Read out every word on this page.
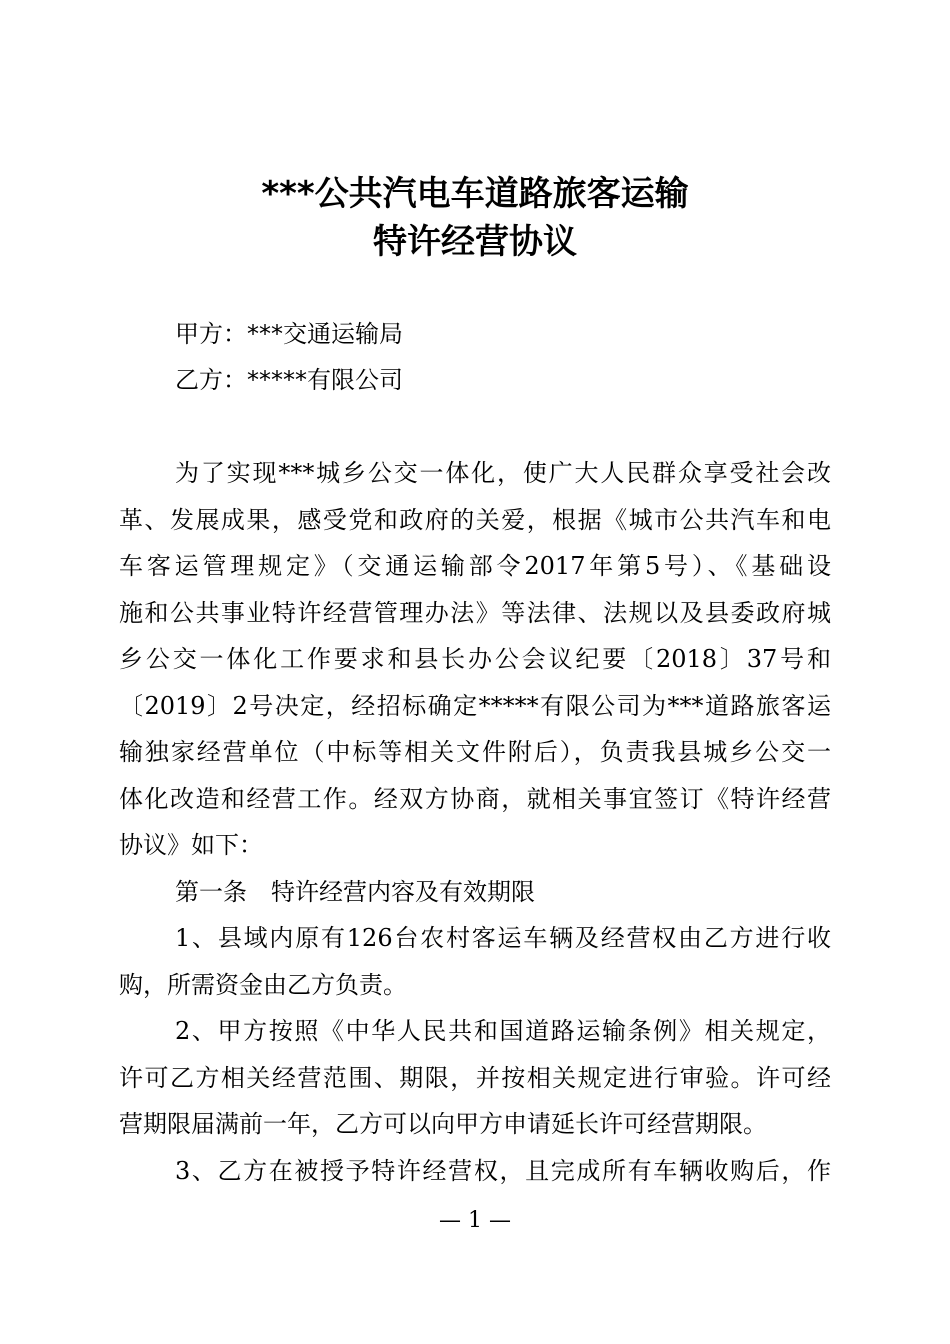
***公共汽电车道路旅客运输
特许经营协议
甲方：***交通运输局
乙方：*****有限公司
为了实现***城乡公交一体化，使广大人民群众享受社会改
革、发展成果，感受党和政府的关爱，根据《城市公共汽车和电
车客运管理规定》（交通运输部令2017年第5号）、《基础设
施和公共事业特许经营管理办法》等法律、法规以及县委政府城
乡公交一体化工作要求和县长办公会议纪要〔2018〕37号和
〔2019〕2号决定，经招标确定*****有限公司为***道路旅客运
输独家经营单位（中标等相关文件附后），负责我县城乡公交一
体化改造和经营工作。经双方协商，就相关事宜签订《特许经营
协议》如下：
第一条　特许经营内容及有效期限
1、县域内原有126台农村客运车辆及经营权由乙方进行收
购，所需资金由乙方负责。
2、甲方按照《中华人民共和国道路运输条例》相关规定，
许可乙方相关经营范围、期限，并按相关规定进行审验。许可经
营期限届满前一年，乙方可以向甲方申请延长许可经营期限。
3、乙方在被授予特许经营权，且完成所有车辆收购后，作
— 1 —
